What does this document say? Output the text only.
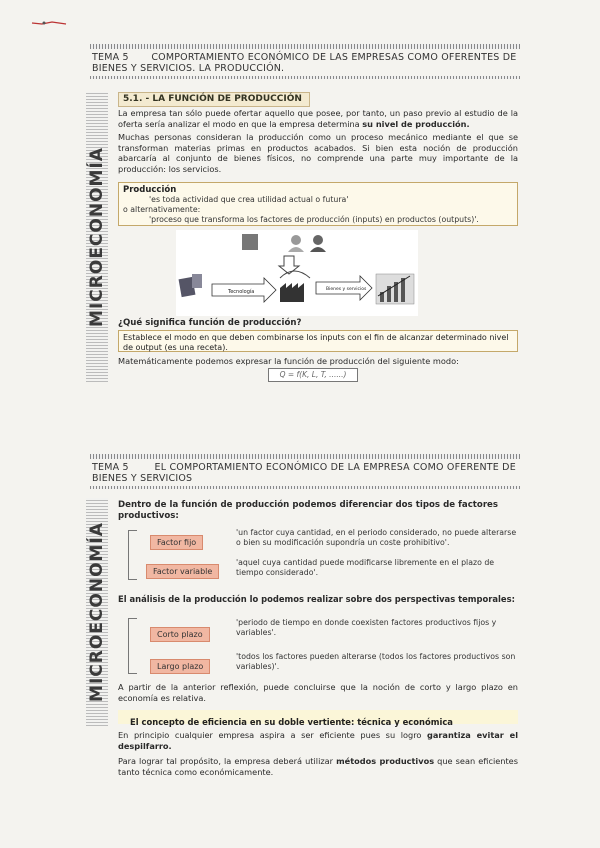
TEMA 5 COMPORTAMIENTO ECONÓMICO DE LAS EMPRESAS COMO OFERENTES DE
BIENES Y SERVICIOS. LA PRODUCCIÓN.
MICROECONOMÍA
5.1. - LA FUNCIÓN DE PRODUCCIÓN
La empresa tan sólo puede ofertar aquello que posee, por tanto, un paso previo al estudio de la oferta sería analizar el modo en que la empresa determina su nivel de producción.
Muchas personas consideran la producción como un proceso mecánico mediante el que se transforman materias primas en productos acabados. Si bien esta noción de producción abarcaría al conjunto de bienes físicos, no comprende una parte muy importante de la producción: los servicios.
Producción
'es toda actividad que crea utilidad actual o futura'
o alternativamente:
'proceso que transforma los factores de producción (inputs) en productos (outputs)'.
Tecnología	Bienes y servicios
¿Qué significa función de producción?
Establece el modo en que deben combinarse los inputs con el fin de alcanzar determinado nivel de output (es una receta).
Matemáticamente podemos expresar la función de producción del siguiente modo:
Q = f(K, L, T, ......)
TEMA 5	EL COMPORTAMIENTO ECONÓMICO DE LA EMPRESA COMO OFERENTE DE
BIENES Y SERVICIOS
MICROECONOMÍA
Dentro de la función de producción podemos diferenciar dos tipos de factores productivos:
Factor fijo
'un factor cuya cantidad, en el periodo considerado, no puede alterarse o bien su modificación supondría un coste prohibitivo'.
Factor variable
'aquel cuya cantidad puede modificarse libremente en el plazo de tiempo considerado'.
El análisis de la producción lo podemos realizar sobre dos perspectivas temporales:
Corto plazo
'periodo de tiempo en donde coexisten factores productivos fijos y variables'.
Largo plazo
'todos los factores pueden alterarse (todos los factores productivos son variables)'.
A partir de la anterior reflexión, puede concluirse que la noción de corto y largo plazo en economía es relativa.
El concepto de eficiencia en su doble vertiente: técnica y económica
En principio cualquier empresa aspira a ser eficiente pues su logro garantiza evitar el despilfarro.
Para lograr tal propósito, la empresa deberá utilizar métodos productivos que sean eficientes tanto técnica como económicamente.
